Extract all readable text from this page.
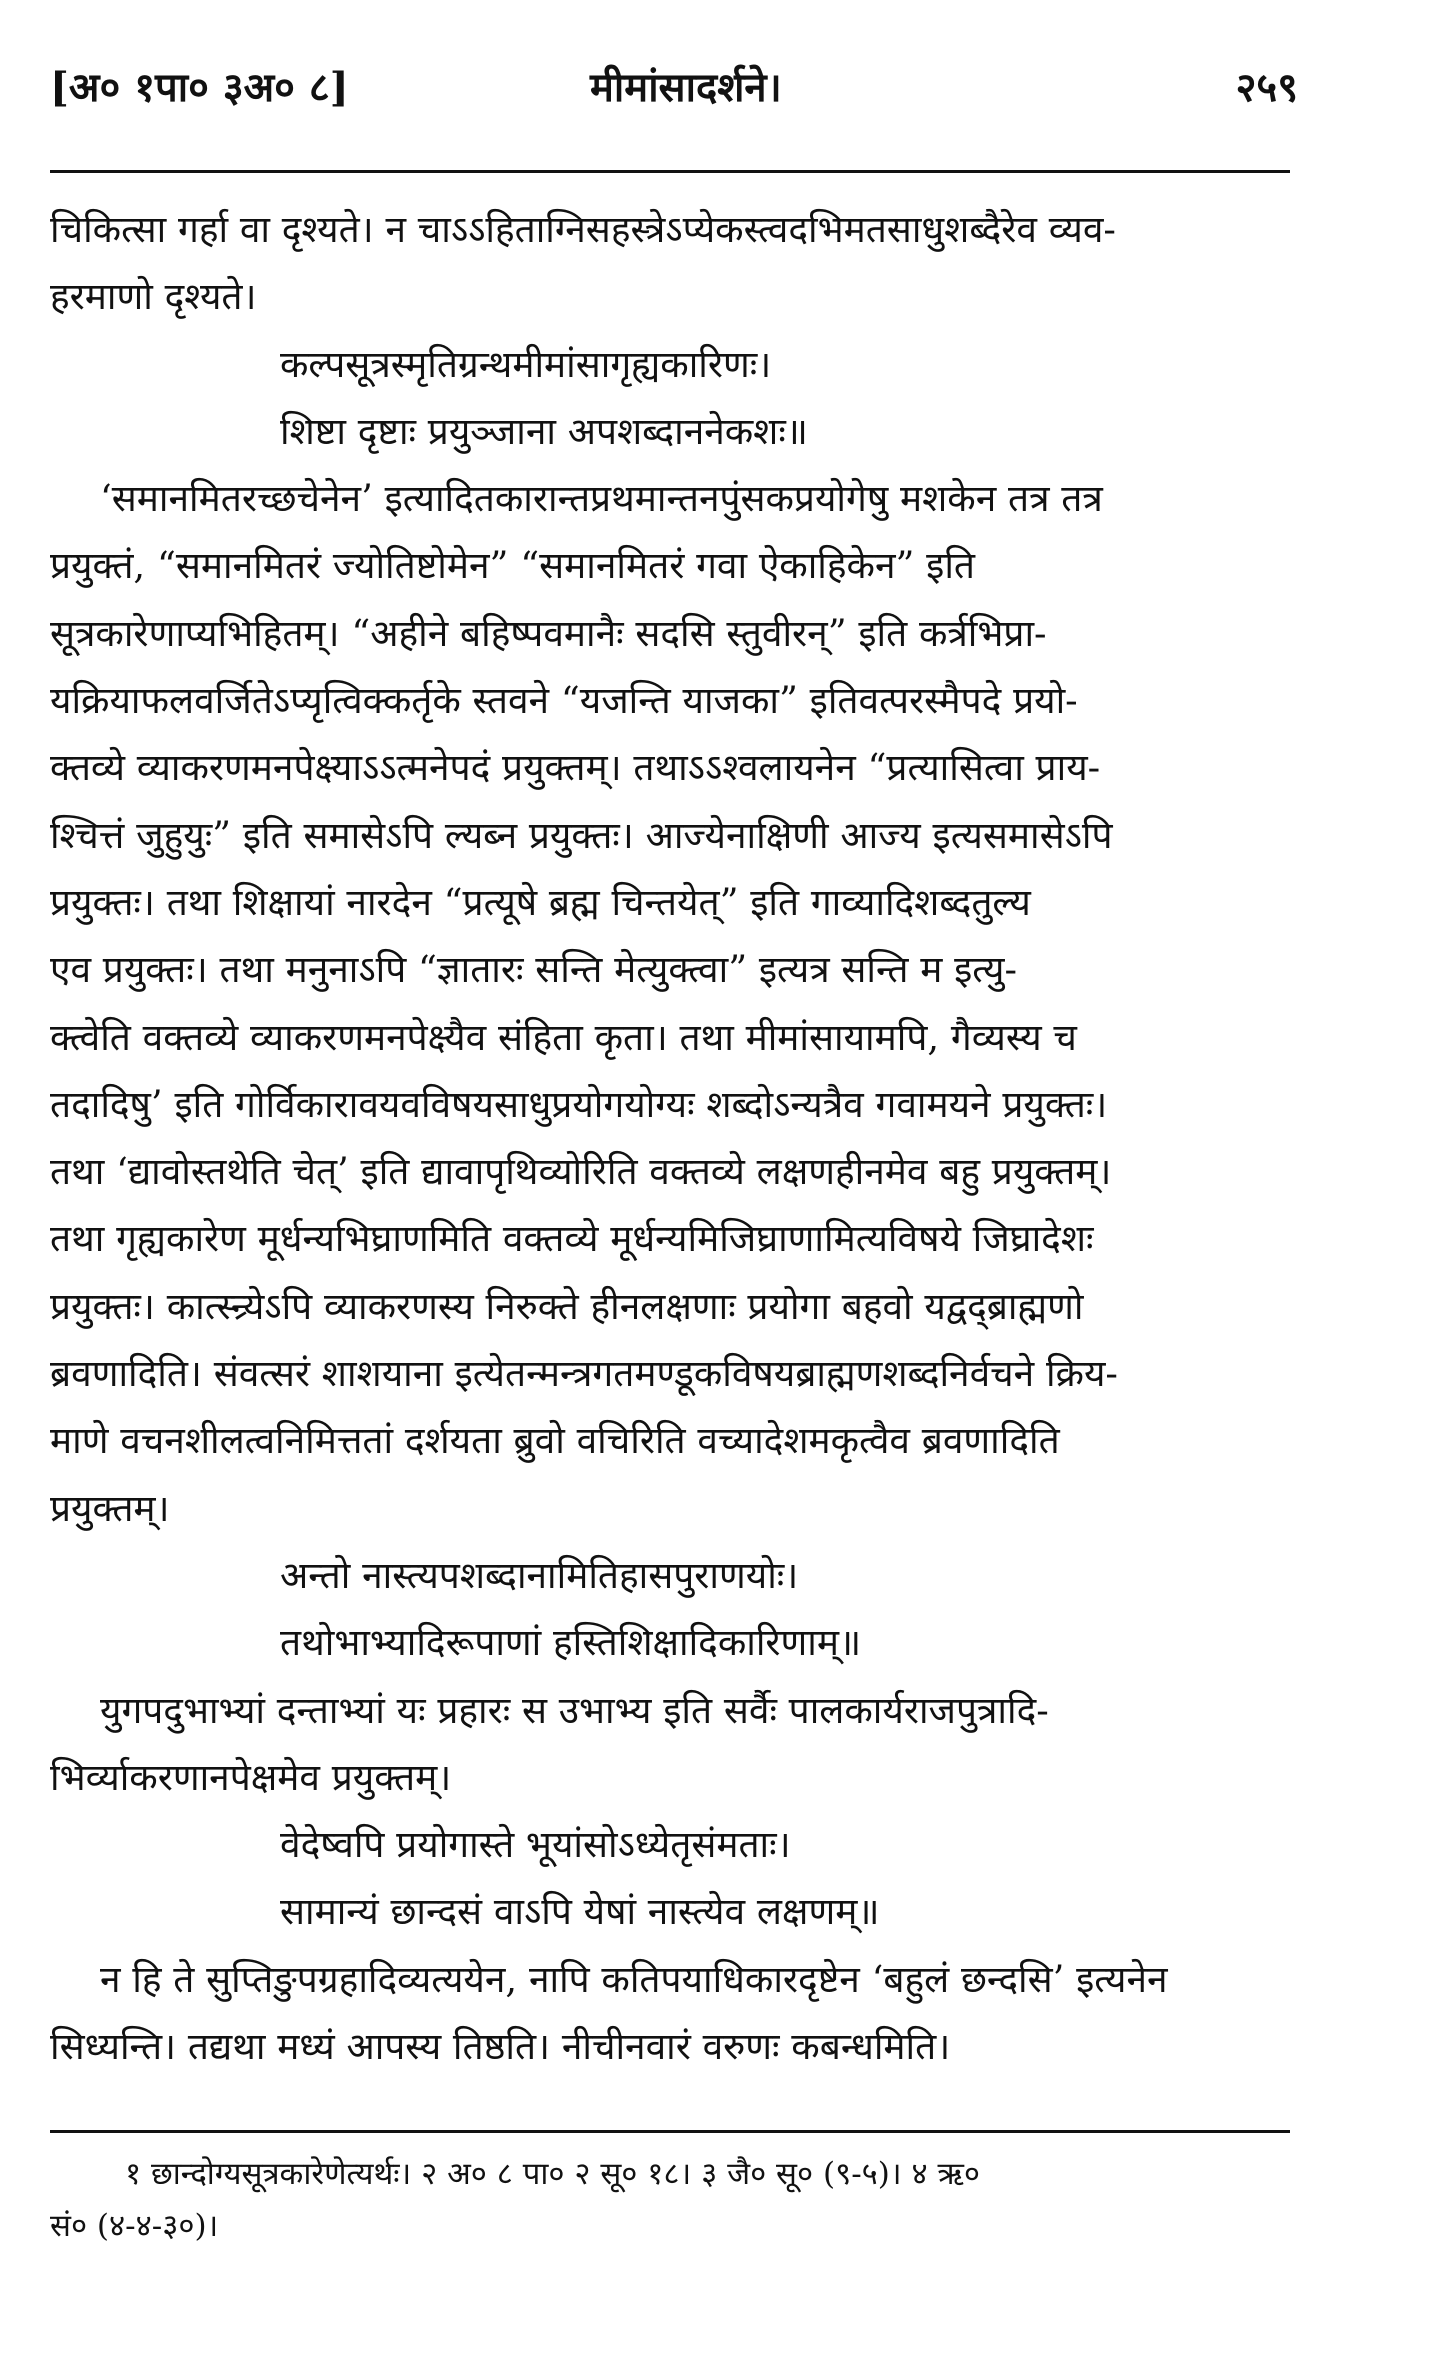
[अ० १पा० ३अ० ८]	मीमांसादर्शने।	२५९
चिकित्सा गर्हा वा दृश्यते। न चाऽऽहिताग्निसहस्त्रेऽप्येकस्त्वदभिमतसाधुशब्दैरेव व्यव-
हरमाणो दृश्यते।
कल्पसूत्रस्मृतिग्रन्थमीमांसागृह्यकारिणः।
शिष्टा दृष्टाः प्रयुञ्जाना अपशब्दाननेकशः॥
‘समानमितरच्छचेनेन’ इत्यादितकारान्तप्रथमान्तनपुंसकप्रयोगेषु मशकेन तत्र तत्र
प्रयुक्तं, “समानमितरं ज्योतिष्टोमेन” “समानमितरं गवा ऐकाहिकेन” इति
सूत्रकारेणाप्यभिहितम्। “अहीने बहिष्पवमानैः सदसि स्तुवीरन्” इति कर्त्रभिप्रा-
यक्रियाफलवर्जितेऽप्यृत्विक्कर्तृके स्तवने “यजन्ति याजका” इतिवत्परस्मैपदे प्रयो-
क्तव्ये व्याकरणमनपेक्ष्याऽऽत्मनेपदं प्रयुक्तम्। तथाऽऽश्वलायनेन “प्रत्यासित्वा प्राय-
श्चित्तं जुहुयुः” इति समासेऽपि ल्यब्न प्रयुक्तः। आज्येनाक्षिणी आज्य इत्यसमासेऽपि
प्रयुक्तः। तथा शिक्षायां नारदेन “प्रत्यूषे ब्रह्म चिन्तयेत्” इति गाव्यादिशब्दतुल्य
एव प्रयुक्तः। तथा मनुनाऽपि “ज्ञातारः सन्ति मेत्युक्त्वा” इत्यत्र सन्ति म इत्यु-
क्त्वेति वक्तव्ये व्याकरणमनपेक्ष्यैव संहिता कृता। तथा मीमांसायामपि, गैव्यस्य च
तदादिषु’ इति गोर्विकारावयवविषयसाधुप्रयोगयोग्यः शब्दोऽन्यत्रैव गवामयने प्रयुक्तः।
तथा ‘द्यावोस्तथेति चेत्’ इति द्यावापृथिव्योरिति वक्तव्ये लक्षणहीनमेव बहु प्रयुक्तम्।
तथा गृह्यकारेण मूर्धन्यभिघ्राणमिति वक्तव्ये मूर्धन्यमिजिघ्राणामित्यविषये जिघ्रादेशः
प्रयुक्तः। कात्स्न्र्येऽपि व्याकरणस्य निरुक्ते हीनलक्षणाः प्रयोगा बहवो यद्वद्ब्राह्मणो
ब्रवणादिति। संवत्सरं शाशयाना इत्येतन्मन्त्रगतमण्डूकविषयब्राह्मणशब्दनिर्वचने क्रिय-
माणे वचनशीलत्वनिमित्ततां दर्शयता ब्रुवो वचिरिति वच्यादेशमकृत्वैव ब्रवणादिति
प्रयुक्तम्।
अन्तो नास्त्यपशब्दानामितिहासपुराणयोः।
तथोभाभ्यादिरूपाणां हस्तिशिक्षादिकारिणाम्॥
युगपदुभाभ्यां दन्ताभ्यां यः प्रहारः स उभाभ्य इति सर्वैः पालकार्यराजपुत्रादि-
भिर्व्याकरणानपेक्षमेव प्रयुक्तम्।
वेदेष्वपि प्रयोगास्ते भूयांसोऽध्येतृसंमताः।
सामान्यं छान्दसं वाऽपि येषां नास्त्येव लक्षणम्॥
न हि ते सुप्तिङुपग्रहादिव्यत्ययेन, नापि कतिपयाधिकारदृष्टेन ‘बहुलं छन्दसि’ इत्यनेन
सिध्यन्ति। तद्यथा मध्यं आपस्य तिष्ठति। नीचीनवारं वरुणः कबन्धमिति।
१ छान्दोग्यसूत्रकारेणेत्यर्थः। २ अ० ८ पा० २ सू० १८। ३ जै० सू० (९-५)। ४ ऋ०
सं० (४-४-३०)।
